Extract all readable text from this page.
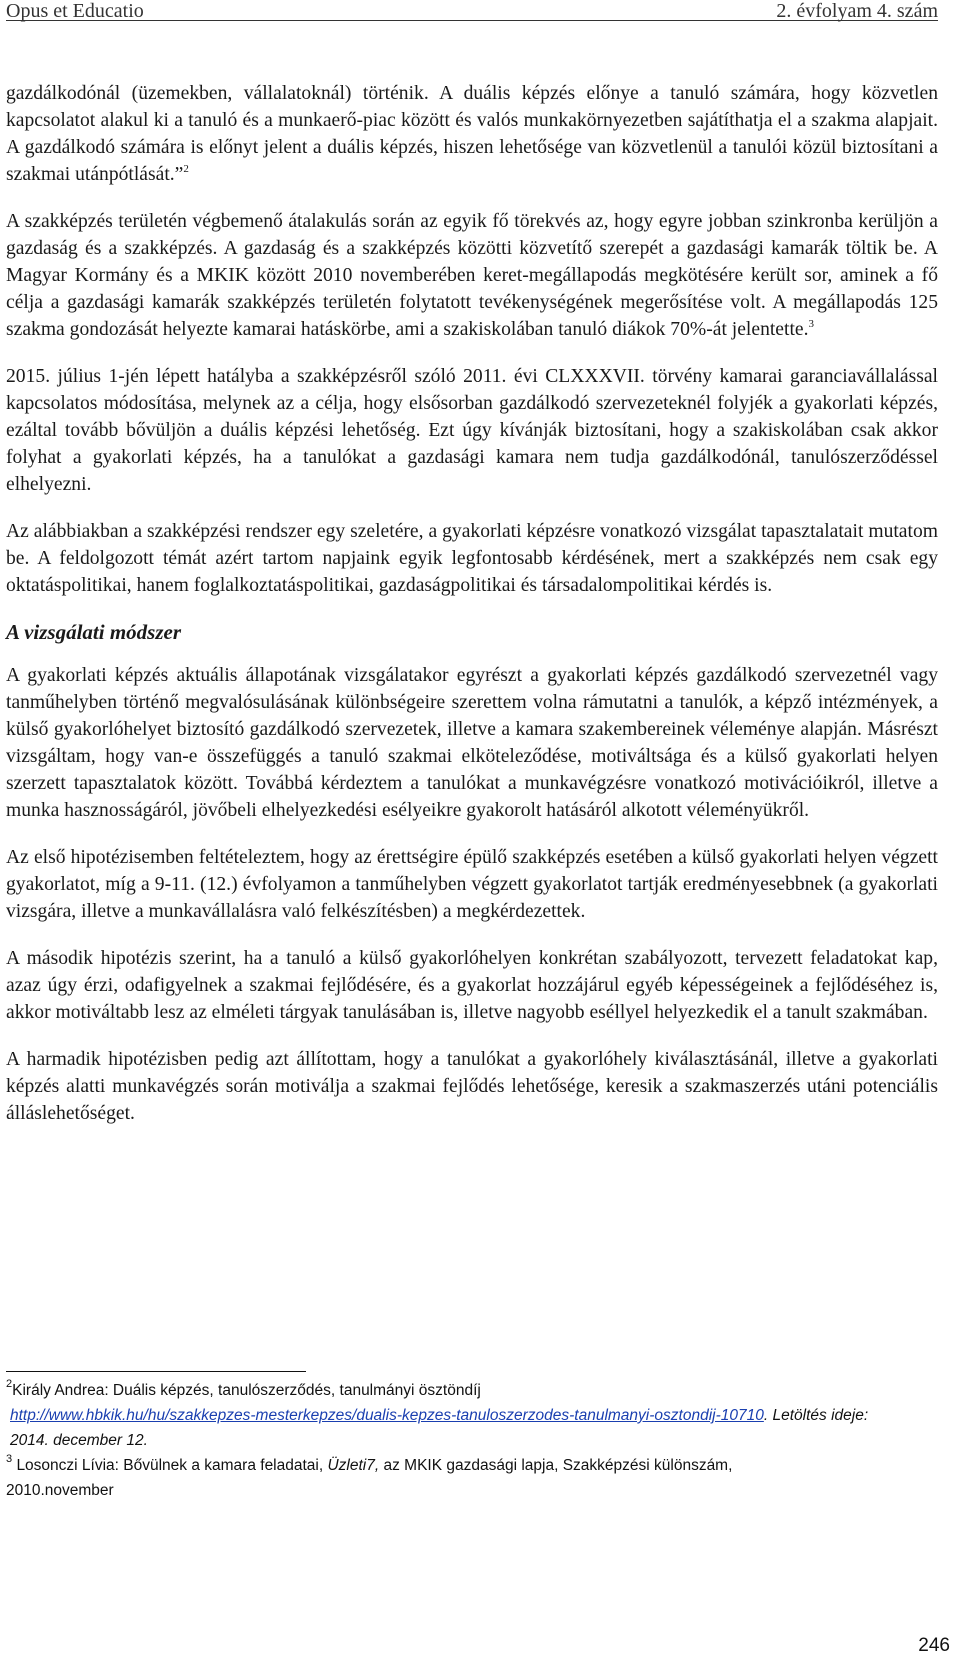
Opus et Educatio	2. évfolyam 4. szám

gazdálkodónál (üzemekben, vállalatoknál) történik. A duális képzés előnye a tanuló számára, hogy közvetlen kapcsolatot alakul ki a tanuló és a munkaerő-piac között és valós munkakörnyezetben sajátíthatja el a szakma alapjait. A gazdálkodó számára is előnyt jelent a duális képzés, hiszen lehetősége van közvetlenül a tanulói közül biztosítani a szakmai utánpótlását.”$^2$

A szakképzés területén végbemenő átalakulás során az egyik fő törekvés az, hogy egyre jobban szinkronba kerüljön a gazdaság és a szakképzés. A gazdaság és a szakképzés közötti közvetítő szerepét a gazdasági kamarák töltik be. A Magyar Kormány és a MKIK között 2010 novemberében keret-megállapodás megkötésére került sor, aminek a fő célja a gazdasági kamarák szakképzés területén folytatott tevékenységének megerősítése volt. A megállapodás 125 szakma gondozását helyezte kamarai hatáskörbe, ami a szakiskolában tanuló diákok 70%-át jelentette.$^3$

2015. július 1-jén lépett hatályba a szakképzésről szóló 2011. évi CLXXXVII. törvény kamarai garanciavállalással kapcsolatos módosítása, melynek az a célja, hogy elsősorban gazdálkodó szervezeteknél folyjék a gyakorlati képzés, ezáltal tovább bővüljön a duális képzési lehetőség. Ezt úgy kívánják biztosítani, hogy a szakiskolában csak akkor folyhat a gyakorlati képzés, ha a tanulókat a gazdasági kamara nem tudja gazdálkodónál, tanulószerződéssel elhelyezni.

Az alábbiakban a szakképzési rendszer egy szeletére, a gyakorlati képzésre vonatkozó vizsgálat tapasztalatait mutatom be. A feldolgozott témát azért tartom napjaink egyik legfontosabb kérdésének, mert a szakképzés nem csak egy oktatáspolitikai, hanem foglalkoztatáspolitikai, gazdaságpolitikai és társadalompolitikai kérdés is.

A vizsgálati módszer

A gyakorlati képzés aktuális állapotának vizsgálatakor egyrészt a gyakorlati képzés gazdálkodó szervezetnél vagy tanműhelyben történő megvalósulásának különbségeire szerettem volna rámutatni a tanulók, a képző intézmények, a külső gyakorlóhelyet biztosító gazdálkodó szervezetek, illetve a kamara szakembereinek véleménye alapján. Másrészt vizsgáltam, hogy van-e összefüggés a tanuló szakmai elköteleződése, motiváltsága és a külső gyakorlati helyen szerzett tapasztalatok között. Továbbá kérdeztem a tanulókat a munkavégzésre vonatkozó motivációikról, illetve a munka hasznosságáról, jövőbeli elhelyezkedési esélyeikre gyakorolt hatásáról alkotott véleményükről.

Az első hipotézisemben feltételeztem, hogy az érettségire épülő szakképzés esetében a külső gyakorlati helyen végzett gyakorlatot, míg a 9-11. (12.) évfolyamon a tanműhelyben végzett gyakorlatot tartják eredményesebbnek (a gyakorlati vizsgára, illetve a munkavállalásra való felkészítésben) a megkérdezettek.

A második hipotézis szerint, ha a tanuló a külső gyakorlóhelyen konkrétan szabályozott, tervezett feladatokat kap, azaz úgy érzi, odafigyelnek a szakmai fejlődésére, és a gyakorlat hozzájárul egyéb képességeinek a fejlődéséhez is, akkor motiváltabb lesz az elméleti tárgyak tanulásában is, illetve nagyobb eséllyel helyezkedik el a tanult szakmában.

A harmadik hipotézisben pedig azt állítottam, hogy a tanulókat a gyakorlóhely kiválasztásánál, illetve a gyakorlati képzés alatti munkavégzés során motiválja a szakmai fejlődés lehetősége, keresik a szakmaszerzés utáni potenciális álláslehetőséget.

$^2$Király Andrea: Duális képzés, tanulószerződés, tanulmányi ösztöndíj
http://www.hbkik.hu/hu/szakkepzes-mesterkepzes/dualis-kepzes-tanuloszerzodes-tanulmanyi-osztondij-10710. Letöltés ideje: 2014. december 12.
$^3$ Losonczi Lívia: Bővülnek a kamara feladatai, Üzleti7, az MKIK gazdasági lapja, Szakképzési különszám,
2010.november
246
